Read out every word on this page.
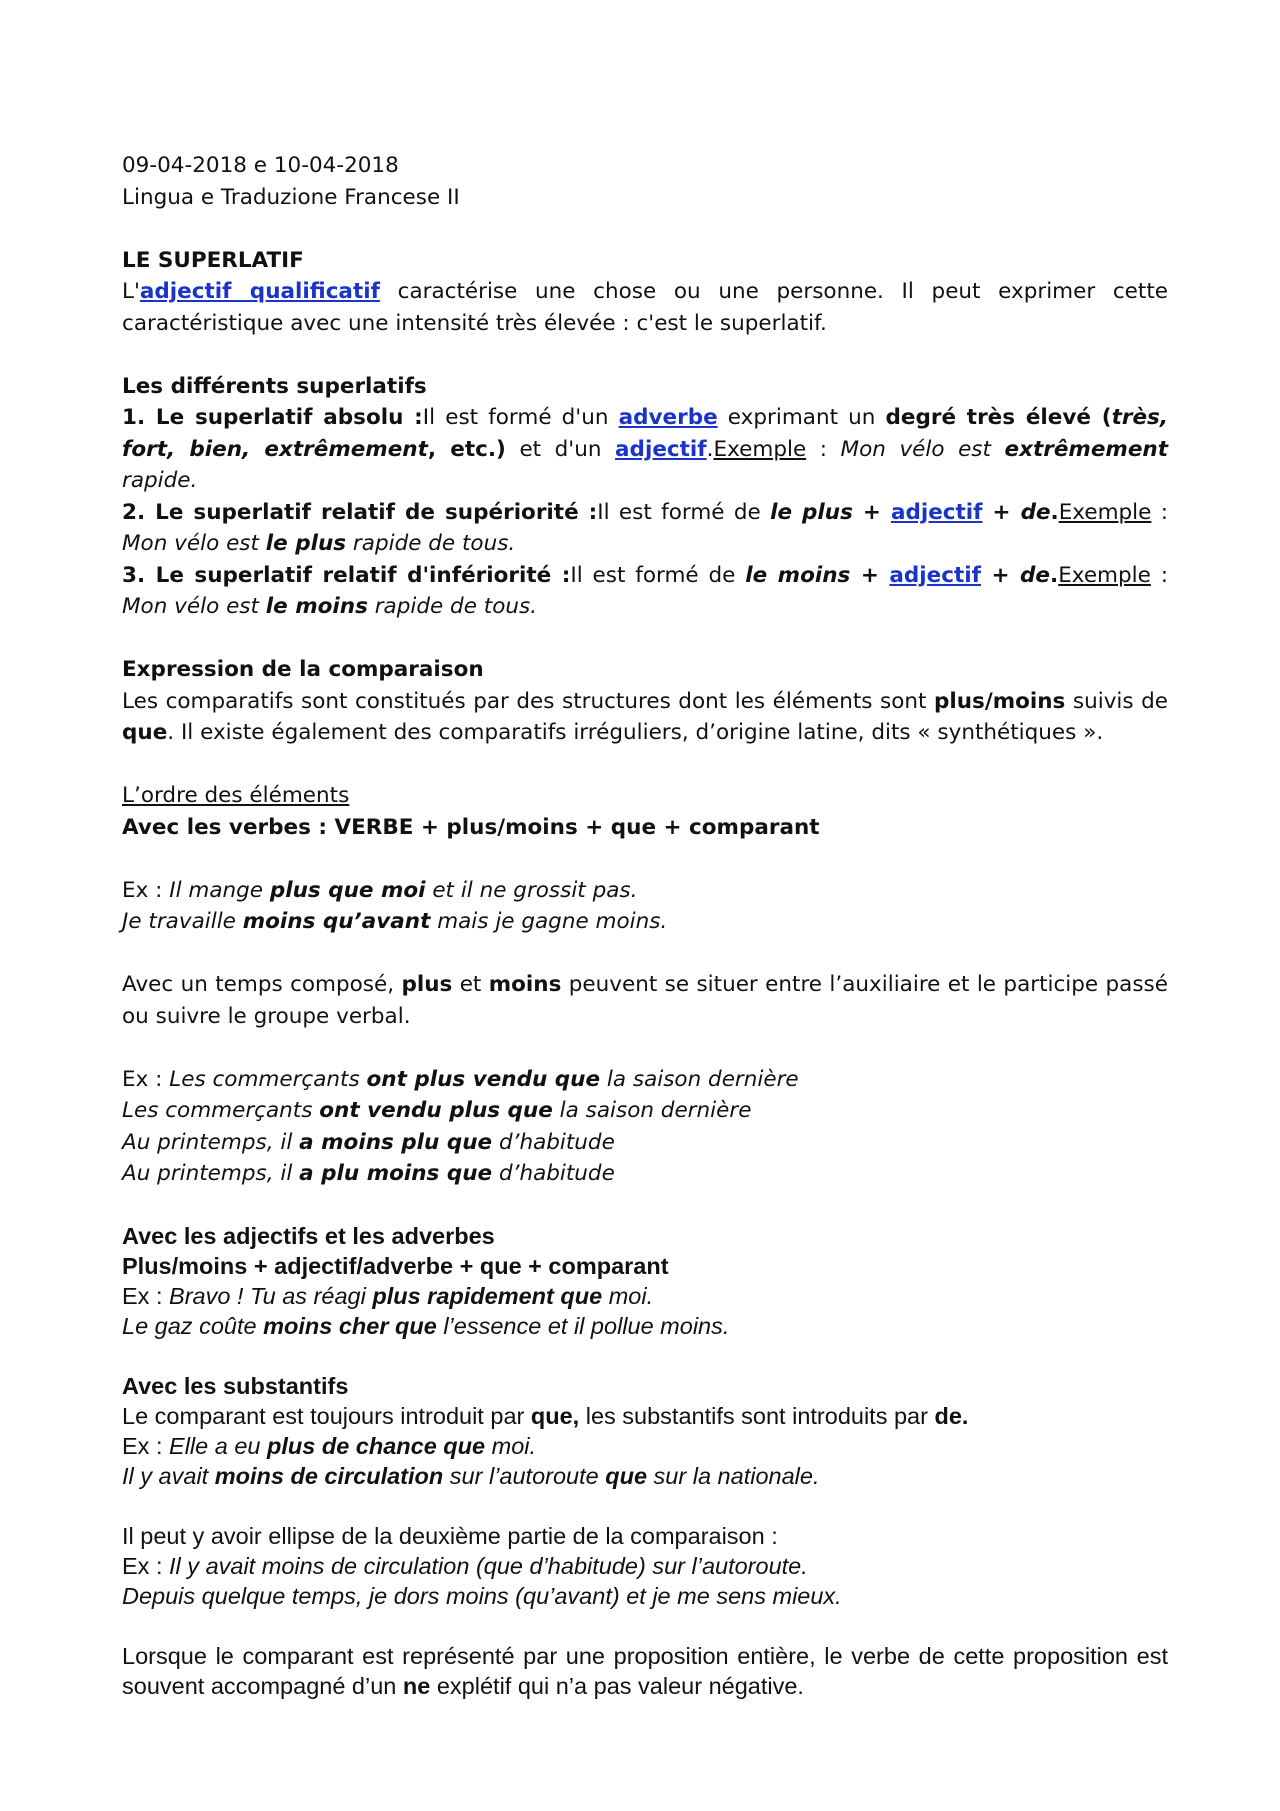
09-04-2018 e 10-04-2018

Lingua e Traduzione Francese II

LE SUPERLATIF

L'adjectif qualificatif caractérise une chose ou une personne. Il peut exprimer cette caractéristique avec une intensité très élevée : c'est le superlatif.

Les différents superlatifs

1. Le superlatif absolu :Il est formé d'un adverbe exprimant un degré très élevé (très, fort, bien, extrêmement, etc.) et d'un adjectif.Exemple : Mon vélo est extrêmement rapide.

2. Le superlatif relatif de supériorité :Il est formé de le plus + adjectif + de.Exemple : Mon vélo est le plus rapide de tous.

3. Le superlatif relatif d'infériorité :Il est formé de le moins + adjectif + de.Exemple : Mon vélo est le moins rapide de tous.

Expression de la comparaison

Les comparatifs sont constitués par des structures dont les éléments sont plus/moins suivis de que. Il existe également des comparatifs irréguliers, d’origine latine, dits « synthétiques ».

L’ordre des éléments

Avec les verbes : VERBE + plus/moins + que + comparant

Ex : Il mange plus que moi et il ne grossit pas.

Je travaille moins qu’avant mais je gagne moins.

Avec un temps composé, plus et moins peuvent se situer entre l’auxiliaire et le participe passé ou suivre le groupe verbal.

Ex : Les commerçants ont plus vendu que la saison dernière

Les commerçants ont vendu plus que la saison dernière

Au printemps, il a moins plu que d’habitude

Au printemps, il a plu moins que d’habitude

Avec les adjectifs et les adverbes

Plus/moins + adjectif/adverbe + que + comparant

Ex : Bravo ! Tu as réagi plus rapidement que moi.

Le gaz coûte moins cher que l’essence et il pollue moins.

Avec les substantifs

Le comparant est toujours introduit par que, les substantifs sont introduits par de.

Ex : Elle a eu plus de chance que moi.

Il y avait moins de circulation sur l’autoroute que sur la nationale.

Il peut y avoir ellipse de la deuxième partie de la comparaison :

Ex : Il y avait moins de circulation (que d’habitude) sur l’autoroute.

Depuis quelque temps, je dors moins (qu’avant) et je me sens mieux.

Lorsque le comparant est représenté par une proposition entière, le verbe de cette proposition est souvent accompagné d’un ne explétif qui n’a pas valeur négative.
